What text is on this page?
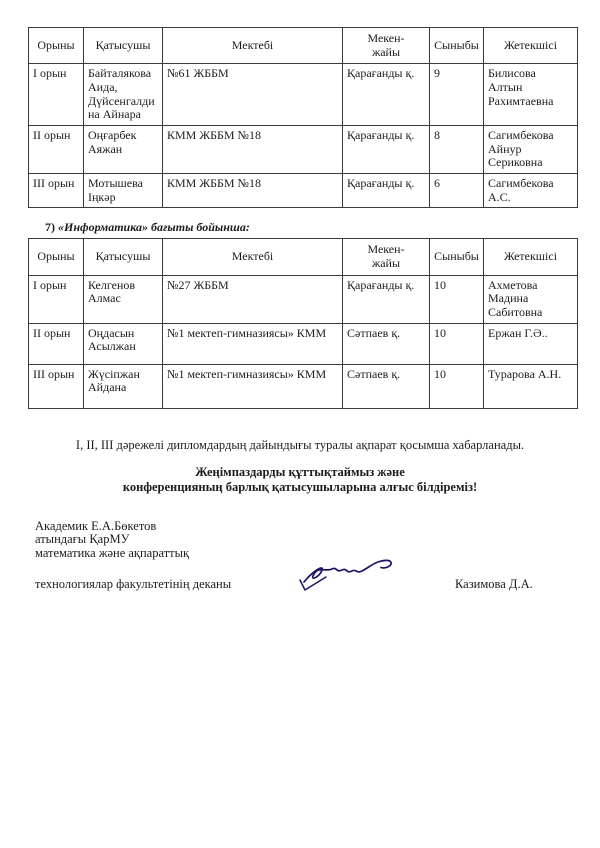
Орыны	Қатысушы	Мектебі	Мекен-жайы	Сыныбы	Жетекшісі
I орын	Байталякова Аида, Дүйсенгалдина Айнара	№61 ЖББМ	Қарағанды қ.	9	Билисова Алтын Рахимтаевна
II орын	Оңғарбек Аяжан	КММ ЖББМ №18	Қарағанды қ.	8	Сагимбекова Айнур Сериковна
III орын	Мотышева Іңкәр	КММ ЖББМ №18	Қарағанды қ.	6	Сагимбекова А.С.
7) «Информатика» бағыты бойынша:
Орыны	Қатысушы	Мектебі	Мекен-жайы	Сыныбы	Жетекшісі
I орын	Келгенов Алмас	№27 ЖББМ	Қарағанды қ.	10	Ахметова Мадина Сабитовна
II орын	Оңдасын Асылжан	№1 мектеп-гимназиясы» КММ	Сәтпаев қ.	10	Ержан Г.Ә..
III орын	Жүсіпжан Айдана	№1 мектеп-гимназиясы» КММ	Сәтпаев қ.	10	Турарова А.Н.
I, II, III дәрежелі дипломдардың дайындығы туралы ақпарат қосымша хабарланады.
Жеңімпаздарды құттықтаймыз және
конференцияның барлық қатысушыларына алғыс білдіреміз!
Академик Е.А.Бөкетов
атындағы ҚарМУ
математика және ақпараттық
технологиялар факультетінің деканы	Казимова Д.А.
